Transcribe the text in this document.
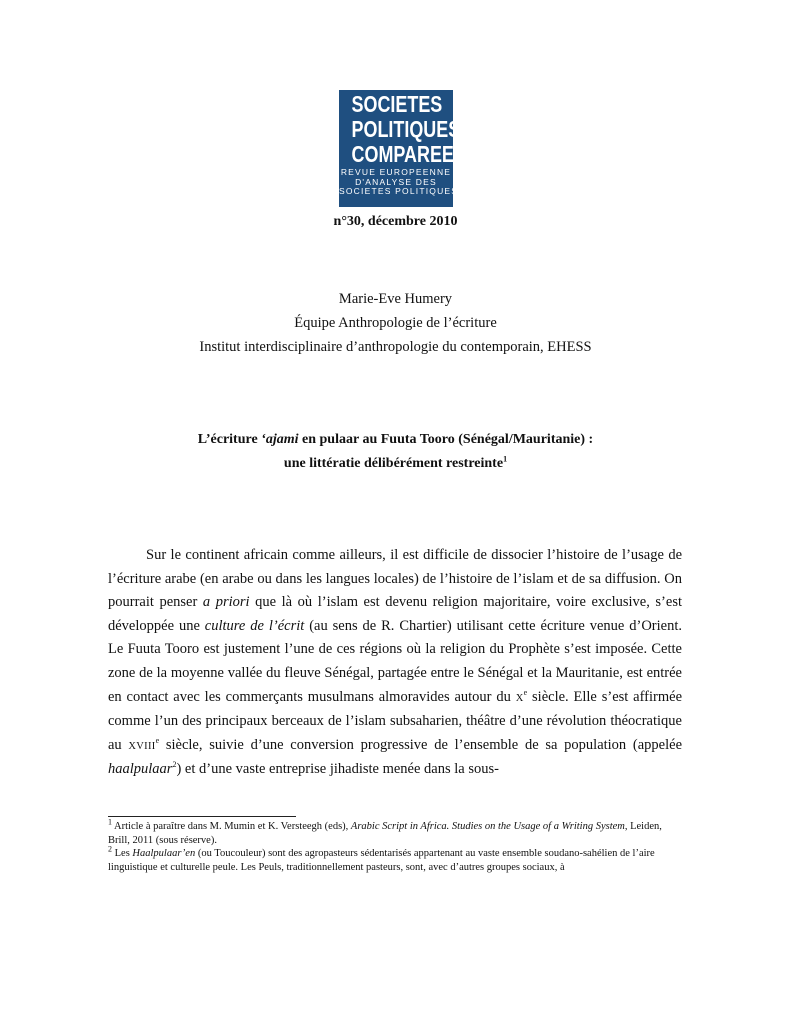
SOCIETES
POLITIQUES
COMPAREES
REVUE EUROPEENNE
D'ANALYSE DES
SOCIETES POLITIQUES
n°30, décembre 2010
Marie-Eve Humery
Équipe Anthropologie de l’écriture
Institut interdisciplinaire d’anthropologie du contemporain, EHESS
L’écriture ‘ajami en pulaar au Fuuta Tooro (Sénégal/Mauritanie) :
une littératie délibérément restreinte$^1$

Sur le continent africain comme ailleurs, il est difficile de dissocier l’histoire de l’usage de l’écriture arabe (en arabe ou dans les langues locales) de l’histoire de l’islam et de sa diffusion. On pourrait penser a priori que là où l’islam est devenu religion majoritaire, voire exclusive, s’est développée une culture de l’écrit (au sens de R. Chartier) utilisant cette écriture venue d’Orient. Le Fuuta Tooro est justement l’une de ces régions où la religion du Prophète s’est imposée. Cette zone de la moyenne vallée du fleuve Sénégal, partagée entre le Sénégal et la Mauritanie, est entrée en contact avec les commerçants musulmans almoravides autour du Xe siècle. Elle s’est affirmée comme l’un des principaux berceaux de l’islam subsaharien, théâtre d’une révolution théocratique au XVIIIe siècle, suivie d’une conversion progressive de l’ensemble de sa population (appelée haalpulaar$^2$) et d’une vaste entreprise jihadiste menée dans la sous-

$^1$ Article à paraître dans M. Mumin et K. Versteegh (eds), Arabic Script in Africa. Studies on the Usage of a Writing System, Leiden, Brill, 2011 (sous réserve).

$^2$ Les Haalpulaar’en (ou Toucouleur) sont des agropasteurs sédentarisés appartenant au vaste ensemble soudano-sahélien de l’aire linguistique et culturelle peule. Les Peuls, traditionnellement pasteurs, sont, avec d’autres groupes sociaux, à
